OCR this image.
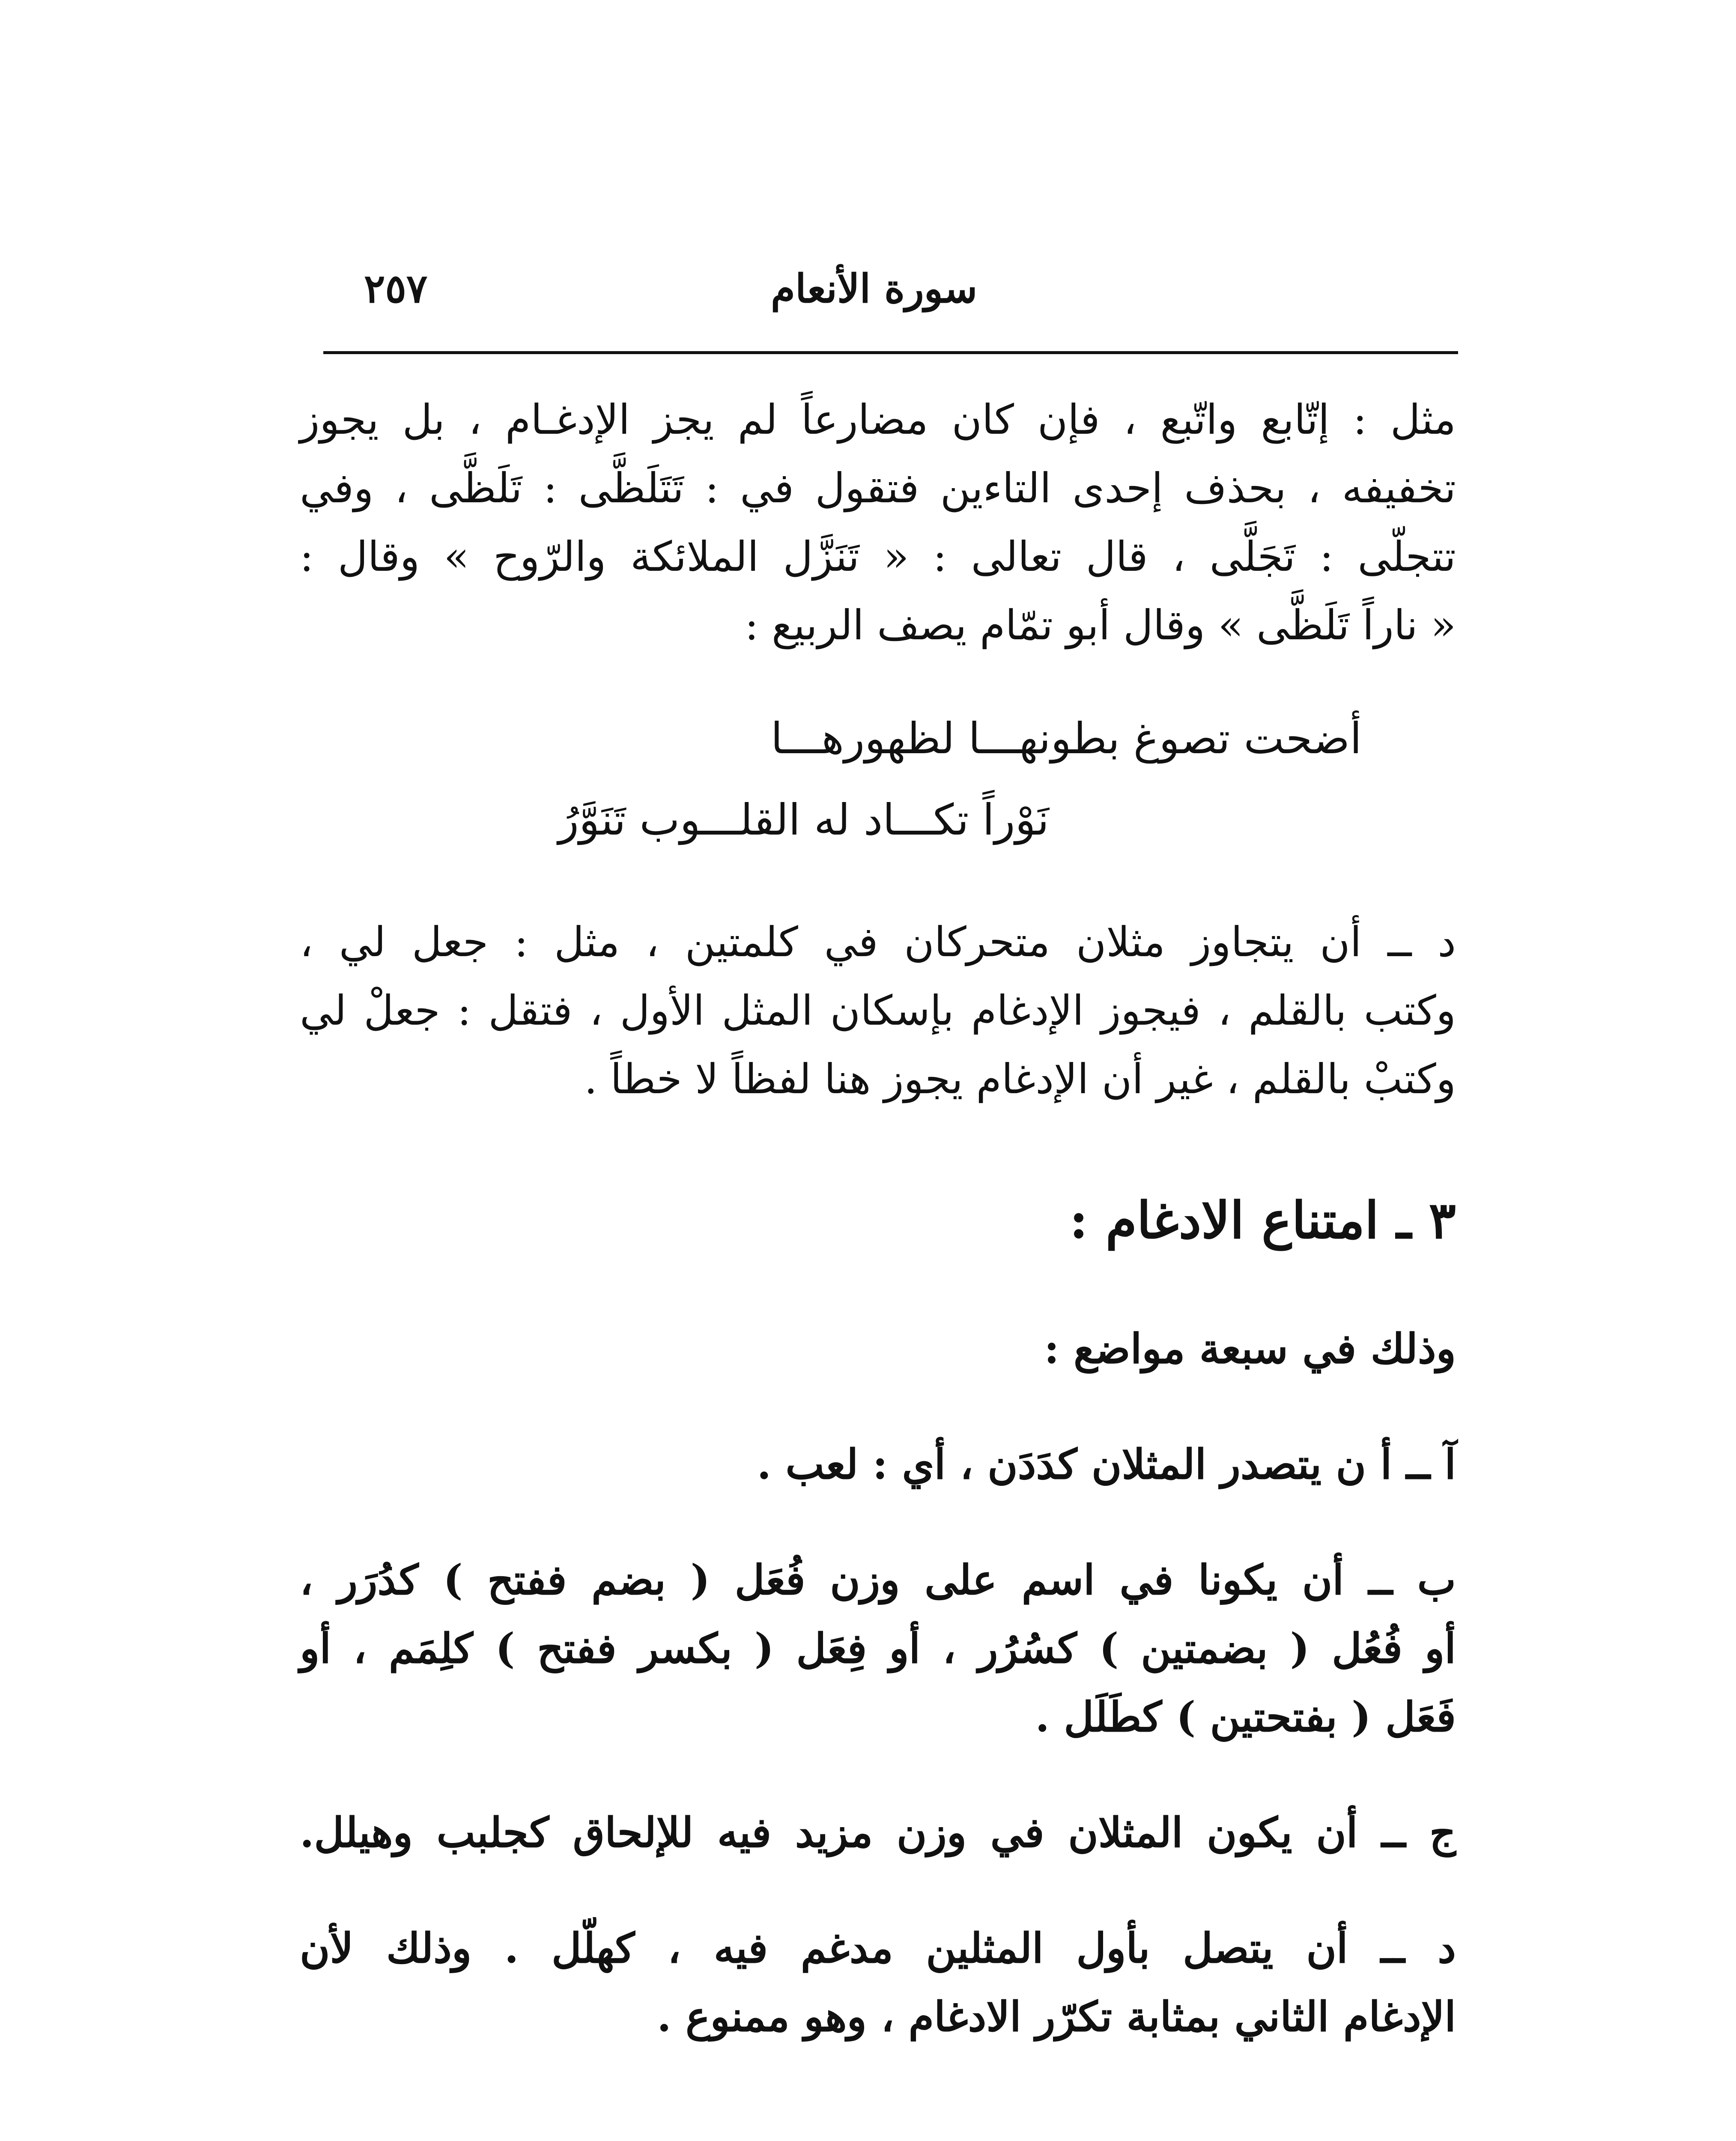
٢٥٧	سورة الأنعام
مثل : إتّابع واتّبع ، فإن كان مضارعاً لم يجز الإدغـام ، بل يجوز
تخفيفه ، بحذف إحدى التاءين فتقول في : تَتَلَظَّى : تَلَظَّى ، وفي
تتجلّى : تَجَلَّى ، قال تعالى : « تَنَزَّل الملائكة والرّوح » وقال :
« ناراً تَلَظَّى » وقال أبو تمّام يصف الربيع :
أضحت تصوغ بطونهـــا لظهورهـــا
نَوْراً تكـــاد له القلـــوب تَنَوَّرُ
د ــ أن يتجاوز مثلان متحركان في كلمتين ، مثل : جعل لي ،
وكتب بالقلم ، فيجوز الإدغام بإسكان المثل الأول ، فتقل : جعلْ لي
وكتبْ بالقلم ، غير أن الإدغام يجوز هنا لفظاً لا خطاً .
٣ ـ امتناع الادغام :
وذلك في سبعة مواضع :
آ ــ أ ن يتصدر المثلان كدَدَن ، أي : لعب .
ب ــ أن يكونا في اسم على وزن فُعَل ( بضم ففتح ) كدُرَر ،
أو فُعُل ( بضمتين ) كسُرُر ، أو فِعَل ( بكسر ففتح ) كلِمَم ، أو
فَعَل ( بفتحتين ) كطَلَل .
ج ــ أن يكون المثلان في وزن مزيد فيه للإلحاق كجلبب وهيلل.
د ــ أن يتصل بأول المثلين مدغم فيه ، كهلّل . وذلك لأن
الإدغام الثاني بمثابة تكرّر الادغام ، وهو ممنوع .
